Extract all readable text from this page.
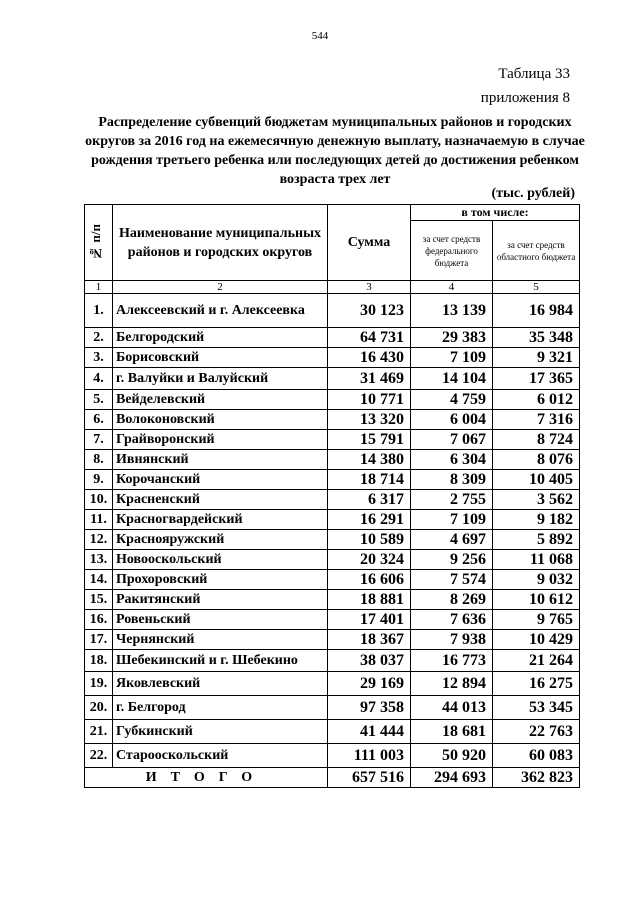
544
Таблица 33
приложения 8
Распределение субвенций бюджетам муниципальных районов и городских округов за 2016 год на ежемесячную денежную выплату, назначаемую в случае рождения третьего ребенка или последующих детей до достижения ребенком возраста трех лет
(тыс. рублей)
№ п/п	Наименование муниципальных районов и городских округов	Сумма	в том числе:	
			за счет средств федерального бюджета	за счет средств областного бюджета
1	2	3	4	5
1.	Алексеевский и г. Алексеевка	30 123	13 139	16 984
2.	Белгородский	64 731	29 383	35 348
3.	Борисовский	16 430	7 109	9 321
4.	г. Валуйки и Валуйский	31 469	14 104	17 365
5.	Вейделевский	10 771	4 759	6 012
6.	Волоконовский	13 320	6 004	7 316
7.	Грайворонский	15 791	7 067	8 724
8.	Ивнянский	14 380	6 304	8 076
9.	Корочанский	18 714	8 309	10 405
10.	Красненский	6 317	2 755	3 562
11.	Красногвардейский	16 291	7 109	9 182
12.	Краснояружский	10 589	4 697	5 892
13.	Новооскольский	20 324	9 256	11 068
14.	Прохоровский	16 606	7 574	9 032
15.	Ракитянский	18 881	8 269	10 612
16.	Ровеньский	17 401	7 636	9 765
17.	Чернянский	18 367	7 938	10 429
18.	Шебекинский и г. Шебекино	38 037	16 773	21 264
19.	Яковлевский	29 169	12 894	16 275
20.	г. Белгород	97 358	44 013	53 345
21.	Губкинский	41 444	18 681	22 763
22.	Старооскольский	111 003	50 920	60 083
ИТОГО		657 516	294 693	362 823
